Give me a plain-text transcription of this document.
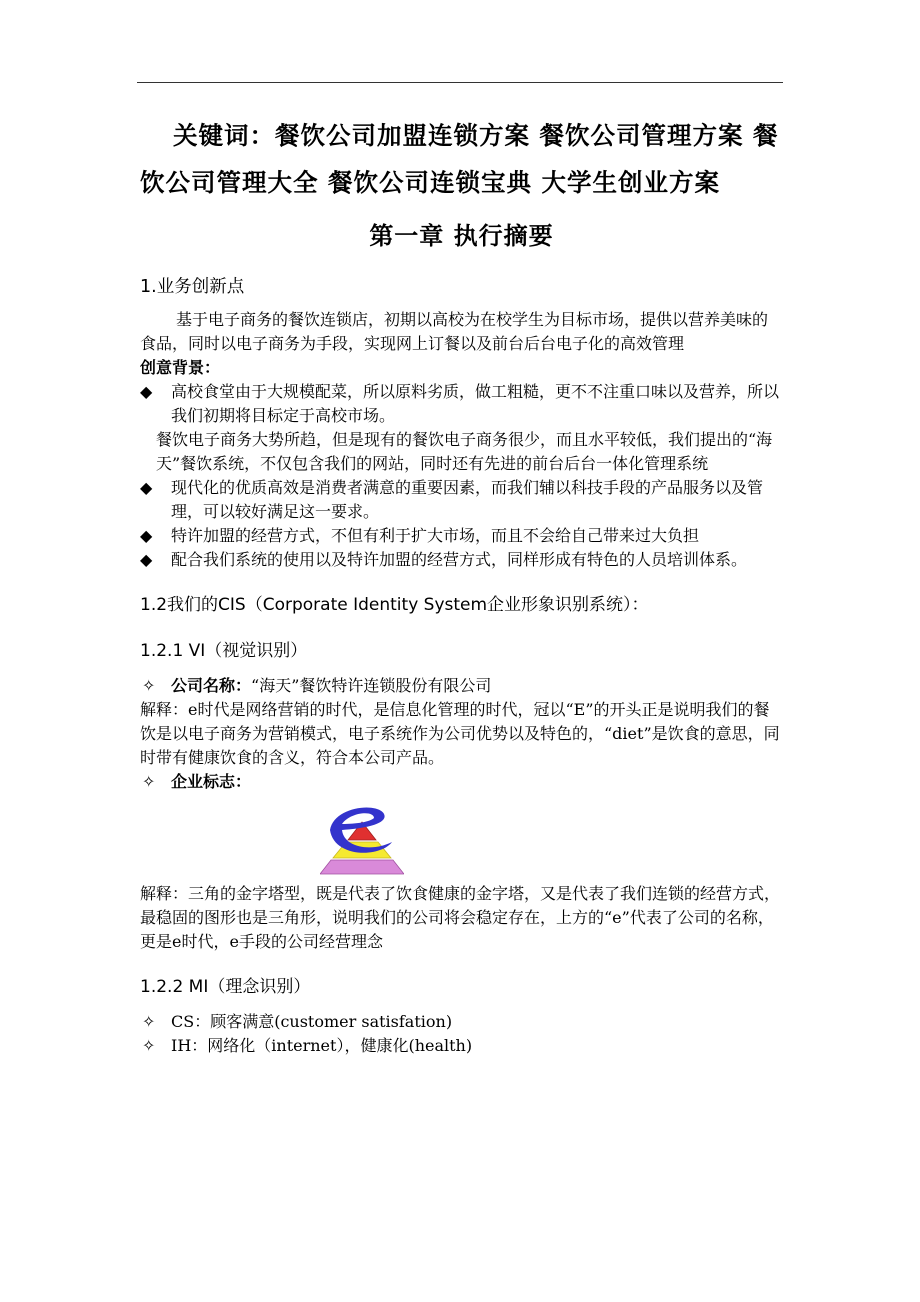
关键词：餐饮公司加盟连锁方案 餐饮公司管理方案 餐饮公司管理大全 餐饮公司连锁宝典 大学生创业方案

第一章 执行摘要

1.业务创新点

基于电子商务的餐饮连锁店，初期以高校为在校学生为目标市场，提供以营养美味的食品，同时以电子商务为手段，实现网上订餐以及前台后台电子化的高效管理

创意背景：

◆ 高校食堂由于大规模配菜，所以原料劣质，做工粗糙，更不不注重口味以及营养，所以我们初期将目标定于高校市场。

餐饮电子商务大势所趋，但是现有的餐饮电子商务很少，而且水平较低，我们提出的“海天”餐饮系统，不仅包含我们的网站，同时还有先进的前台后台一体化管理系统

◆ 现代化的优质高效是消费者满意的重要因素，而我们辅以科技手段的产品服务以及管理，可以较好满足这一要求。
◆ 特许加盟的经营方式，不但有利于扩大市场，而且不会给自己带来过大负担
◆ 配合我们系统的使用以及特许加盟的经营方式，同样形成有特色的人员培训体系。
1.2我们的CIS（Corporate Identity System企业形象识别系统）：
1.2.1 VI（视觉识别）
✧ 公司名称：“海天”餐饮特许连锁股份有限公司

解释：e时代是网络营销的时代，是信息化管理的时代，冠以“E”的开头正是说明我们的餐饮是以电子商务为营销模式，电子系统作为公司优势以及特色的，“diet”是饮食的意思，同时带有健康饮食的含义，符合本公司产品。

✧ 企业标志：

解释：三角的金字塔型，既是代表了饮食健康的金字塔，又是代表了我们连锁的经营方式，最稳固的图形也是三角形，说明我们的公司将会稳定存在，上方的“e”代表了公司的名称，更是e时代，e手段的公司经营理念

1.2.2 MI（理念识别）
✧ CS：顾客满意(customer satisfation)
✧ IH：网络化（internet），健康化(health)
